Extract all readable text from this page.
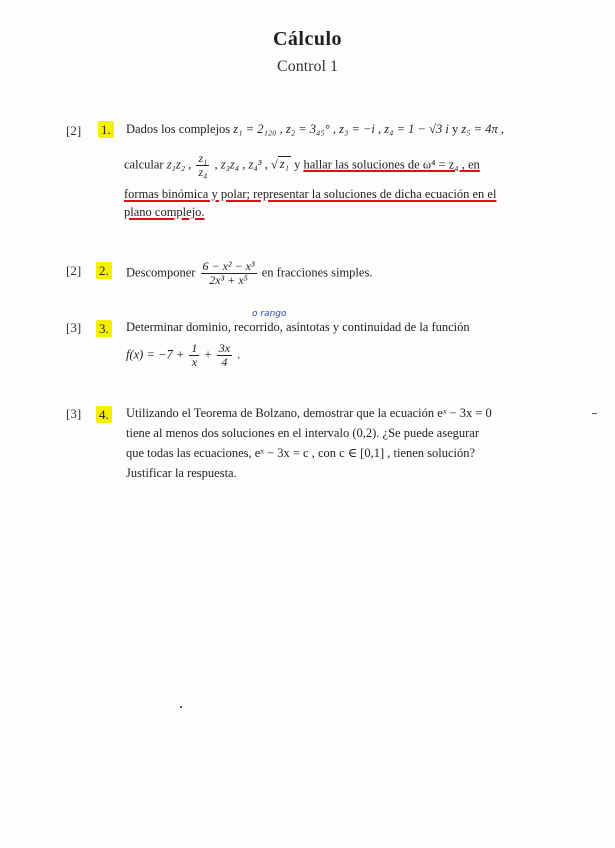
Cálculo
Control 1
[2] 1. Dados los complejos z₁ = 2₁₂₀ , z₂ = 3₄₅° , z₃ = −i , z₄ = 1 − √3 i y z₅ = 4π ,
calcular z₁z₂ , $\frac{\text{z₁}}{\text{z₄}}$ , z₃z₄ , z₄³ , √ z₁ y hallar las soluciones de ω⁴ = z₄ , en
formas binómica y polar; representar la soluciones de dicha ecuación en el
plano complejo.
[2] 2. Descomponer $\frac{\text{6 − x² − x³}}{\text{2x³ + x⁵}}$ en fracciones simples.
[3] 3.
o rango
Determinar dominio, recorrido, asíntotas y continuidad de la función
$f(x) = -7 + \frac{1}{x} + \frac{3x}{4}$ .
[3] 4. Utilizando el Teorema de Bolzano, demostrar que la ecuación eˣ − 3x = 0
tiene al menos dos soluciones en el intervalo (0,2). ¿Se puede asegurar
que todas las ecuaciones, eˣ − 3x = c , con c ∈ [0,1] , tienen solución?
Justificar la respuesta.
